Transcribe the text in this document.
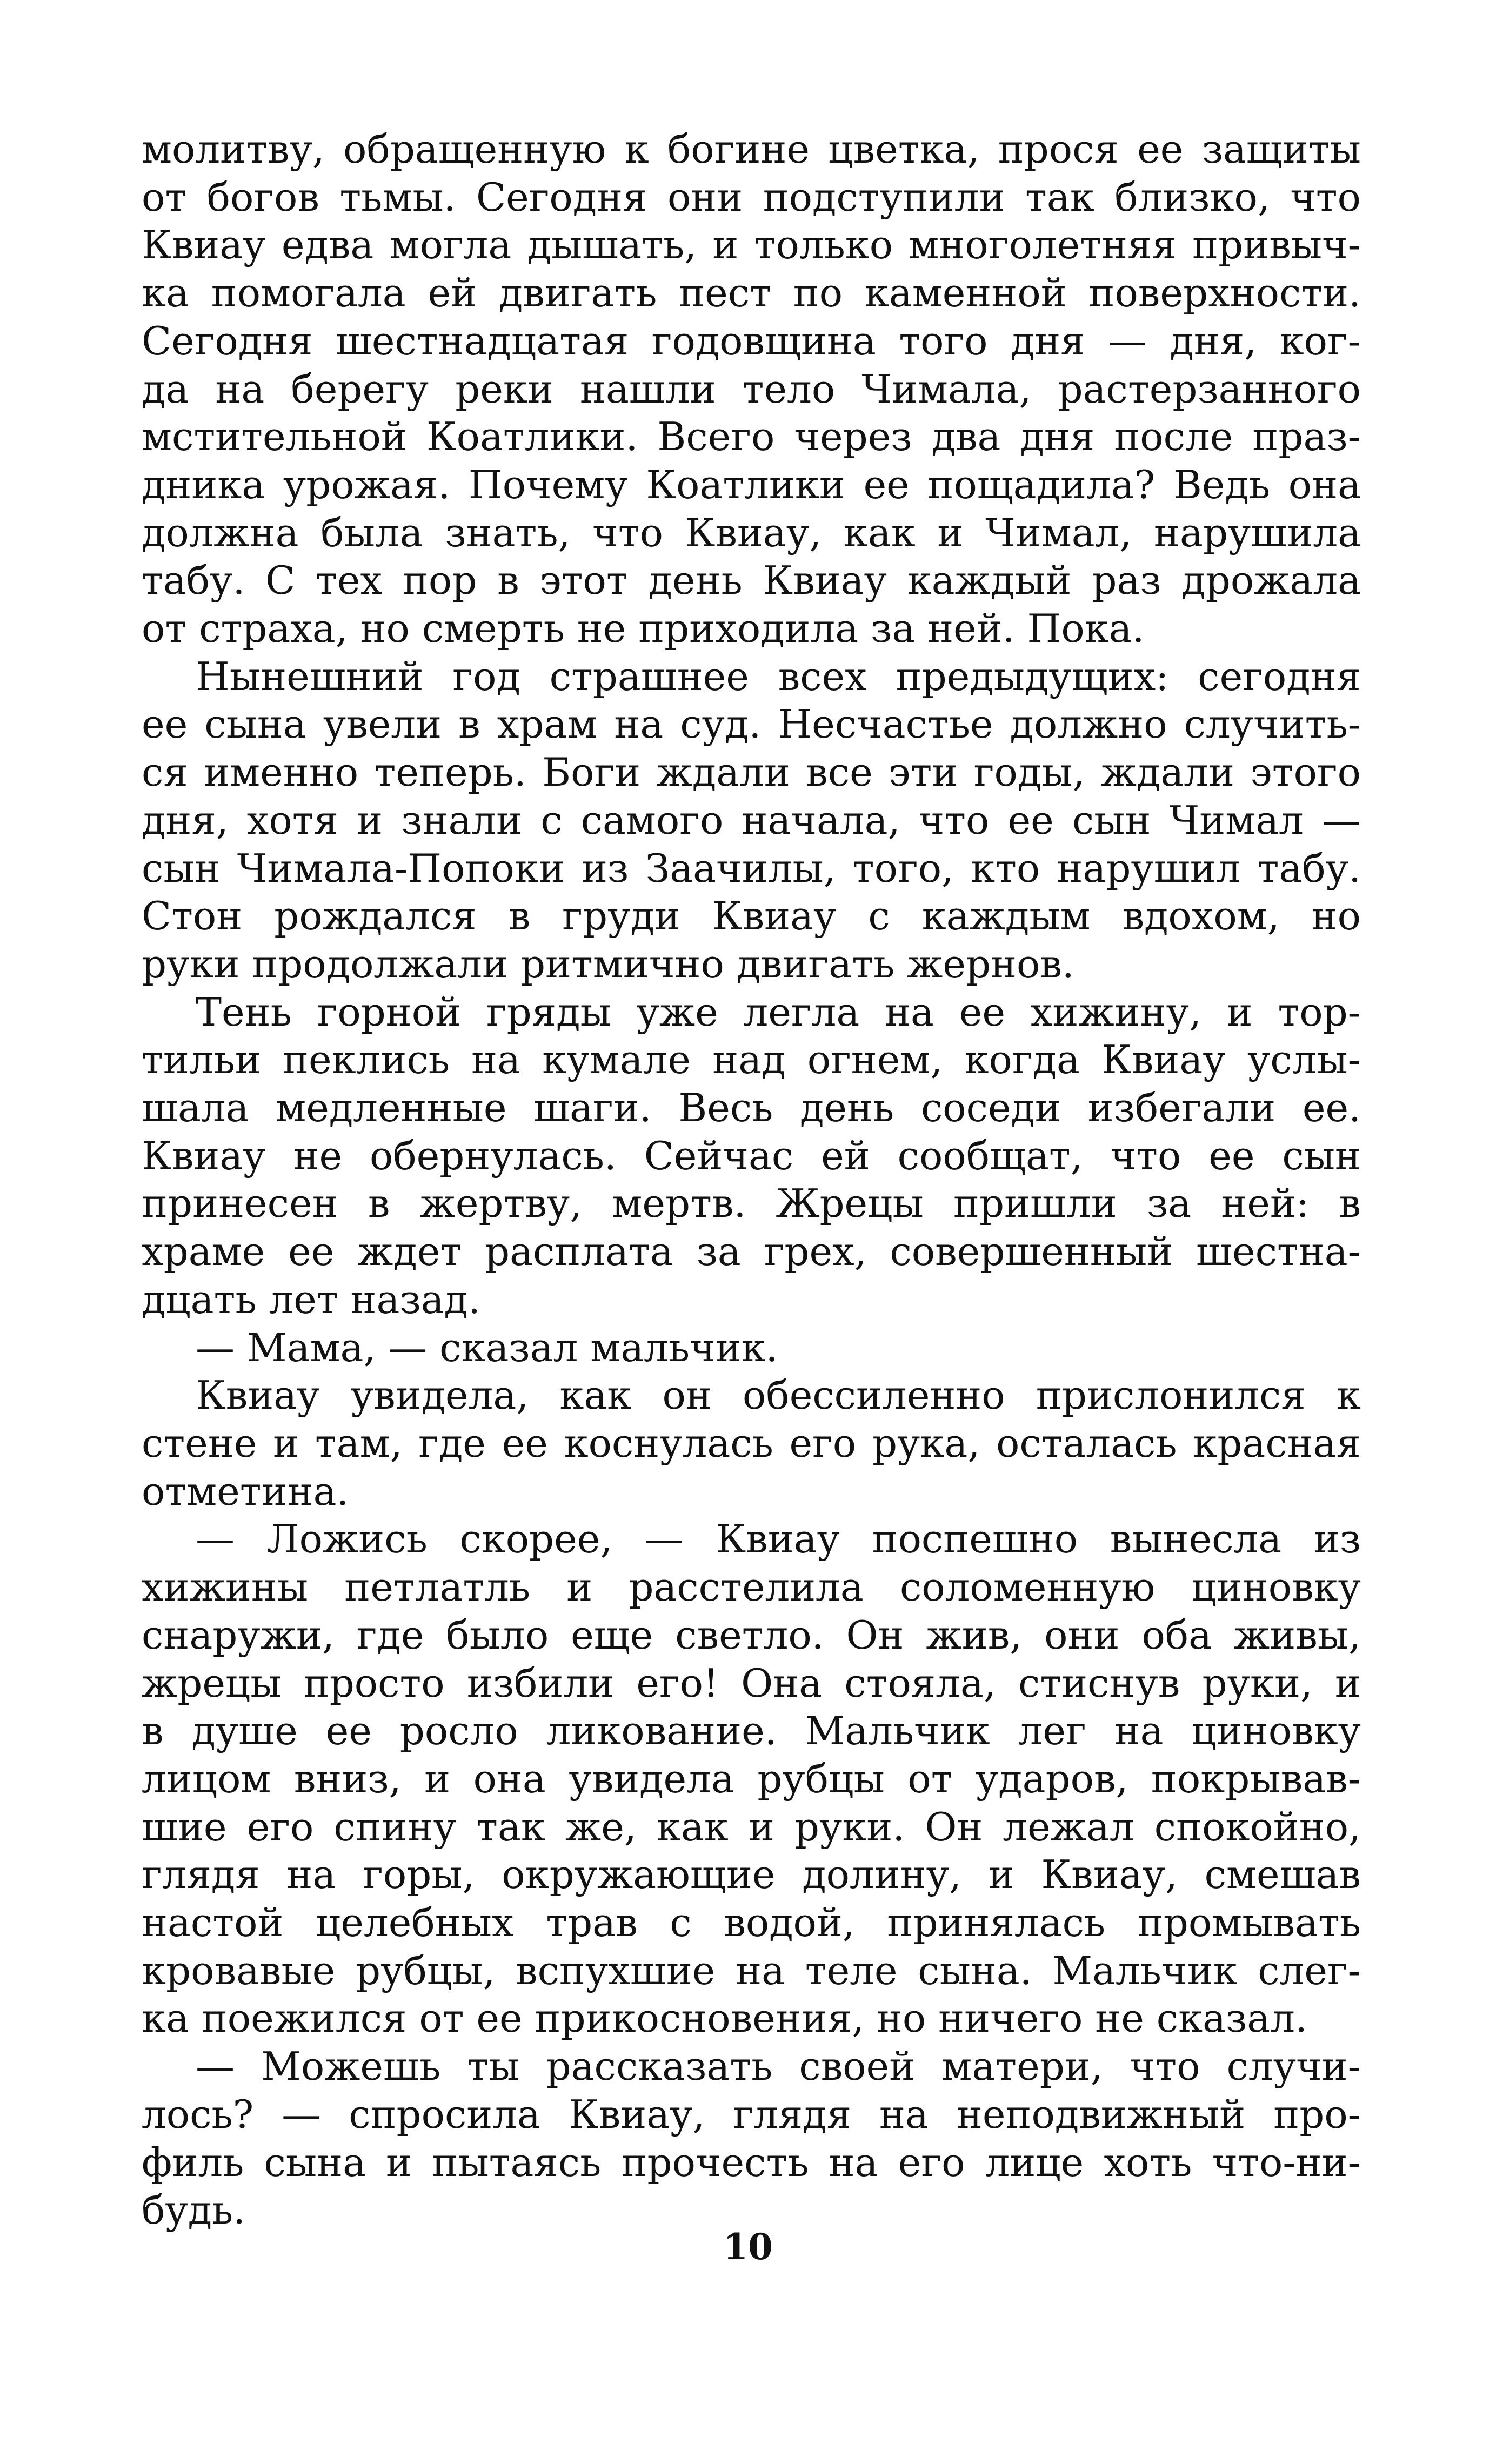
молитву, обращенную к богине цветка, прося ее защиты
от богов тьмы. Сегодня они подступили так близко, что
Квиау едва могла дышать, и только многолетняя привыч-
ка помогала ей двигать пест по каменной поверхности.
Сегодня шестнадцатая годовщина того дня — дня, ког-
да на берегу реки нашли тело Чимала, растерзанного
мстительной Коатлики. Всего через два дня после праз-
дника урожая. Почему Коатлики ее пощадила? Ведь она
должна была знать, что Квиау, как и Чимал, нарушила
табу. С тех пор в этот день Квиау каждый раз дрожала
от страха, но смерть не приходила за ней. Пока.

Нынешний год страшнее всех предыдущих: сегодня
ее сына увели в храм на суд. Несчастье должно случить-
ся именно теперь. Боги ждали все эти годы, ждали этого
дня, хотя и знали с самого начала, что ее сын Чимал —
сын Чимала-Попоки из Заачилы, того, кто нарушил табу.
Стон рождался в груди Квиау с каждым вдохом, но
руки продолжали ритмично двигать жернов.

Тень горной гряды уже легла на ее хижину, и тор-
тильи пеклись на кумале над огнем, когда Квиау услы-
шала медленные шаги. Весь день соседи избегали ее.
Квиау не обернулась. Сейчас ей сообщат, что ее сын
принесен в жертву, мертв. Жрецы пришли за ней: в
храме ее ждет расплата за грех, совершенный шестна-
дцать лет назад.

— Мама, — сказал мальчик.

Квиау увидела, как он обессиленно прислонился к
стене и там, где ее коснулась его рука, осталась красная
отметина.

— Ложись скорее, — Квиау поспешно вынесла из
хижины петлатль и расстелила соломенную циновку
снаружи, где было еще светло. Он жив, они оба живы,
жрецы просто избили его! Она стояла, стиснув руки, и
в душе ее росло ликование. Мальчик лег на циновку
лицом вниз, и она увидела рубцы от ударов, покрывав-
шие его спину так же, как и руки. Он лежал спокойно,
глядя на горы, окружающие долину, и Квиау, смешав
настой целебных трав с водой, принялась промывать
кровавые рубцы, вспухшие на теле сына. Мальчик слег-
ка поежился от ее прикосновения, но ничего не сказал.

— Можешь ты рассказать своей матери, что случи-
лось? — спросила Квиау, глядя на неподвижный про-
филь сына и пытаясь прочесть на его лице хоть что-ни-
будь.

10
